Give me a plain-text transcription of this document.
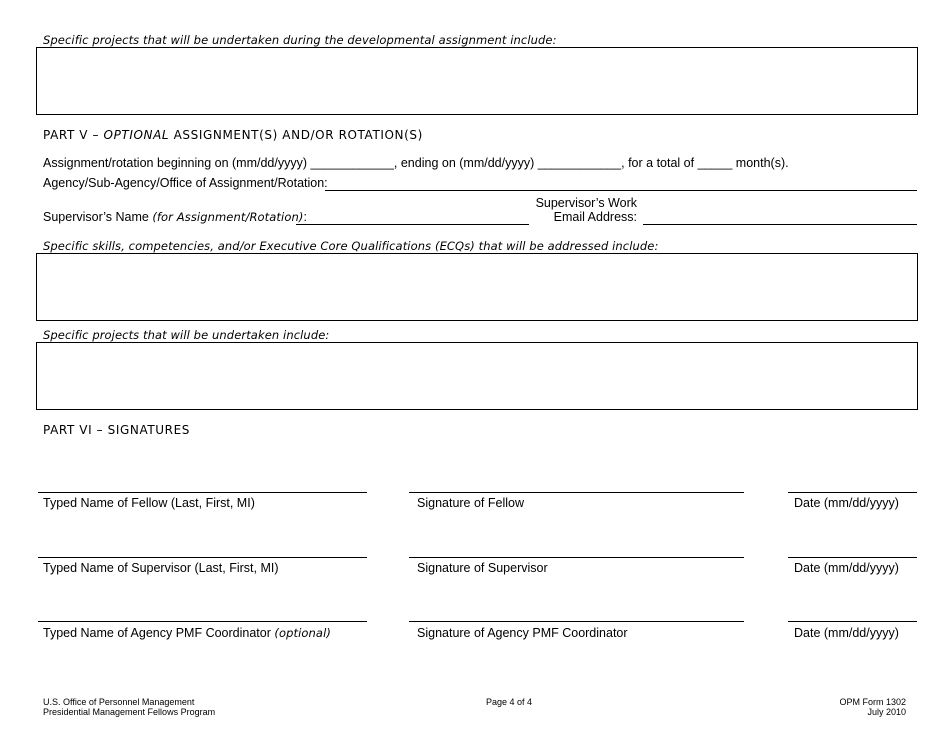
Specific projects that will be undertaken during the developmental assignment include:
PART V – OPTIONAL ASSIGNMENT(S) AND/OR ROTATION(S)
Assignment/rotation beginning on (mm/dd/yyyy) ____________, ending on (mm/dd/yyyy) ____________, for a total of _____ month(s).
Agency/Sub-Agency/Office of Assignment/Rotation:
Supervisor’s Name (for Assignment/Rotation):
Supervisor’s Work
Email Address:
Specific skills, competencies, and/or Executive Core Qualifications (ECQs) that will be addressed include:
Specific projects that will be undertaken include:
PART VI – SIGNATURES
Typed Name of Fellow (Last, First, MI)	Signature of Fellow	Date (mm/dd/yyyy)
Typed Name of Supervisor (Last, First, MI)	Signature of Supervisor	Date (mm/dd/yyyy)
Typed Name of Agency PMF Coordinator (optional)	Signature of Agency PMF Coordinator	Date (mm/dd/yyyy)
U.S. Office of Personnel Management
Presidential Management Fellows Program
Page 4 of 4	OPM Form 1302
July 2010
